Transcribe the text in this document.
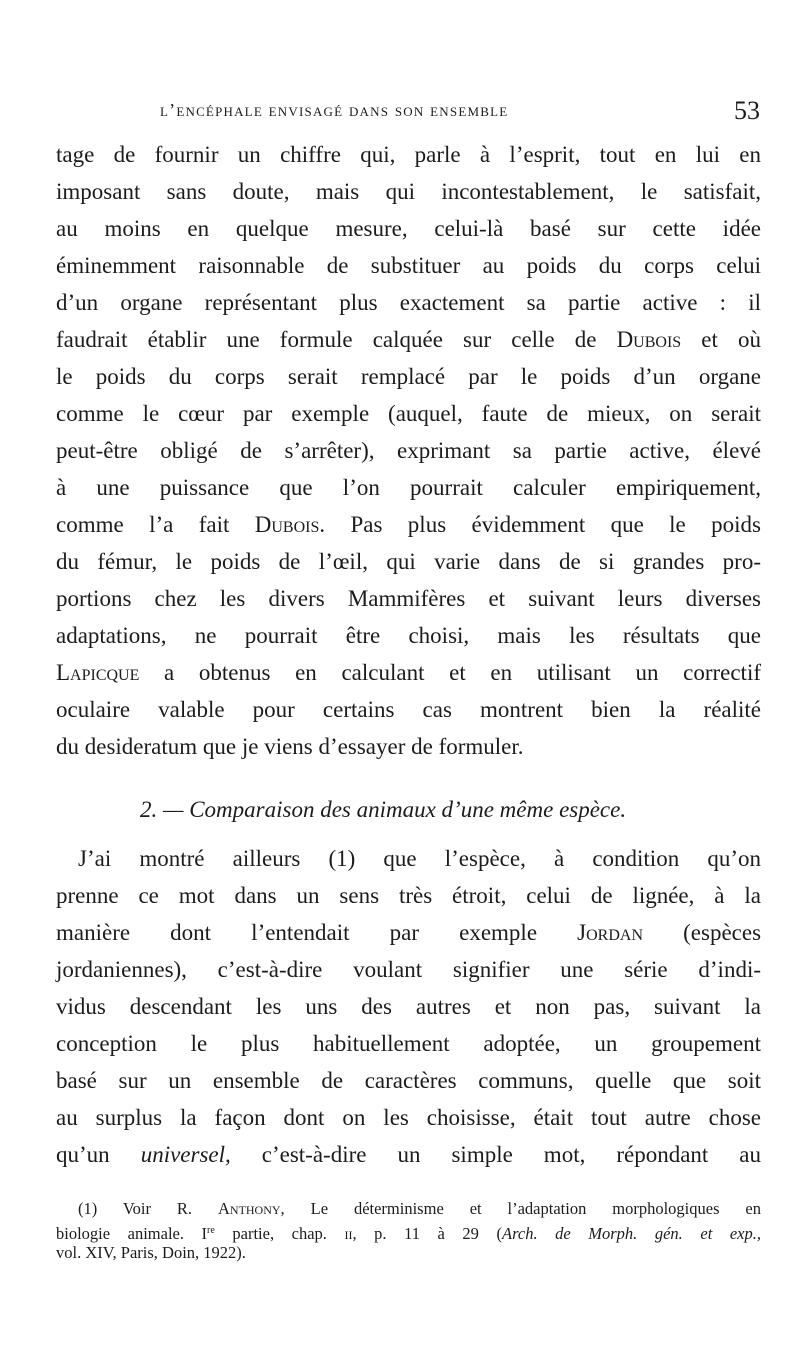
l’encéphale envisagé dans son ensemble	53
tage de fournir un chiffre qui, parle à l’esprit, tout en lui en
imposant sans doute, mais qui incontestablement, le satisfait,
au moins en quelque mesure, celui-là basé sur cette idée
éminemment raisonnable de substituer au poids du corps celui
d’un organe représentant plus exactement sa partie active : il
faudrait établir une formule calquée sur celle de Dubois et où
le poids du corps serait remplacé par le poids d’un organe
comme le cœur par exemple (auquel, faute de mieux, on serait
peut-être obligé de s’arrêter), exprimant sa partie active, élevé
à une puissance que l’on pourrait calculer empiriquement,
comme l’a fait Dubois. Pas plus évidemment que le poids
du fémur, le poids de l’œil, qui varie dans de si grandes pro-
portions chez les divers Mammifères et suivant leurs diverses
adaptations, ne pourrait être choisi, mais les résultats que
Lapicque a obtenus en calculant et en utilisant un correctif
oculaire valable pour certains cas montrent bien la réalité
du desideratum que je viens d’essayer de formuler.
2. — Comparaison des animaux d’une même espèce.
J’ai montré ailleurs (1) que l’espèce, à condition qu’on
prenne ce mot dans un sens très étroit, celui de lignée, à la
manière dont l’entendait par exemple Jordan (espèces
jordaniennes), c’est-à-dire voulant signifier une série d’indi-
vidus descendant les uns des autres et non pas, suivant la
conception le plus habituellement adoptée, un groupement
basé sur un ensemble de caractères communs, quelle que soit
au surplus la façon dont on les choisisse, était tout autre chose
qu’un universel, c’est-à-dire un simple mot, répondant au
(1) Voir R. Anthony, Le déterminisme et l’adaptation morphologiques en
biologie animale. Ire partie, chap. ii, p. 11 à 29 (Arch. de Morph. gén. et exp.,
vol. XIV, Paris, Doin, 1922).
